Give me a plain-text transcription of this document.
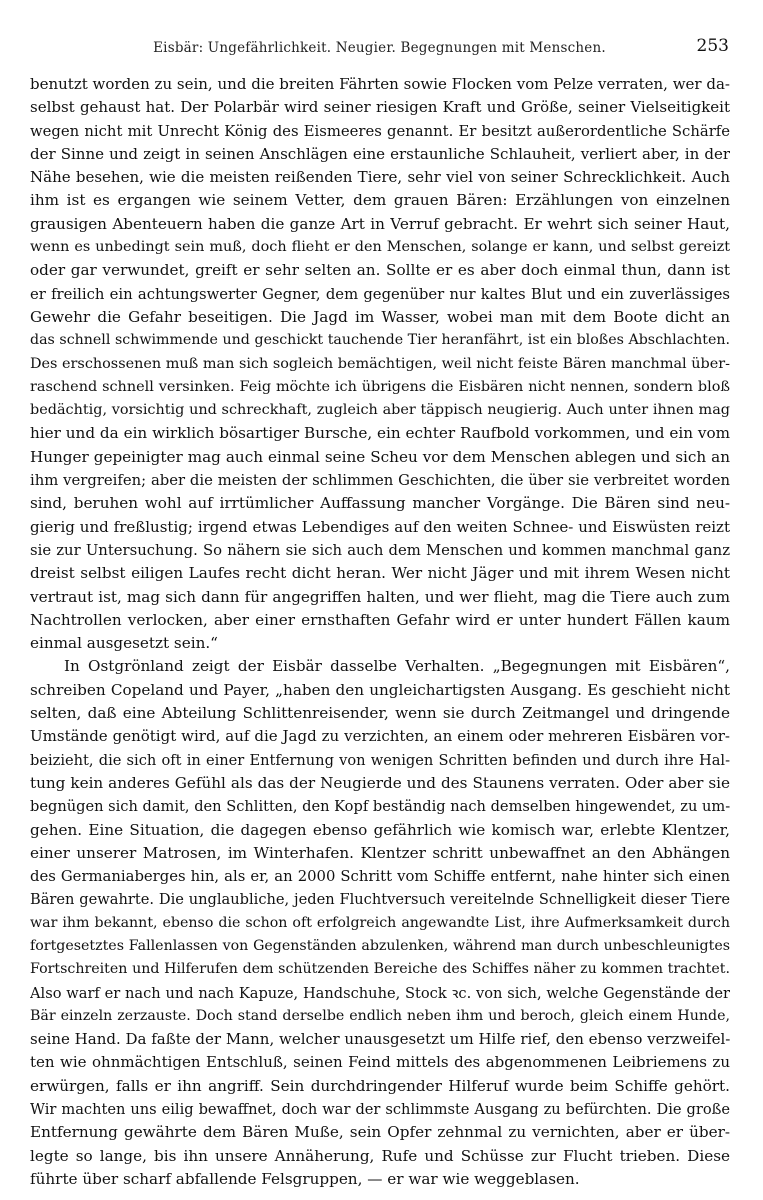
Eisbär: Ungefährlichkeit. Neugier. Begegnungen mit Menschen.	253
benutzt worden zu sein, und die breiten Fährten sowie Flocken vom Pelze verraten, wer da-
selbst gehaust hat. Der Polarbär wird seiner riesigen Kraft und Größe, seiner Vielseitigkeit
wegen nicht mit Unrecht König des Eismeeres genannt. Er besitzt außerordentliche Schärfe
der Sinne und zeigt in seinen Anschlägen eine erstaunliche Schlauheit, verliert aber, in der
Nähe besehen, wie die meisten reißenden Tiere, sehr viel von seiner Schrecklichkeit. Auch
ihm ist es ergangen wie seinem Vetter, dem grauen Bären: Erzählungen von einzelnen
grausigen Abenteuern haben die ganze Art in Verruf gebracht. Er wehrt sich seiner Haut,
wenn es unbedingt sein muß, doch flieht er den Menschen, solange er kann, und selbst gereizt
oder gar verwundet, greift er sehr selten an. Sollte er es aber doch einmal thun, dann ist
er freilich ein achtungswerter Gegner, dem gegenüber nur kaltes Blut und ein zuverlässiges
Gewehr die Gefahr beseitigen. Die Jagd im Wasser, wobei man mit dem Boote dicht an
das schnell schwimmende und geschickt tauchende Tier heranfährt, ist ein bloßes Abschlachten.
Des erschossenen muß man sich sogleich bemächtigen, weil nicht feiste Bären manchmal über-
raschend schnell versinken. Feig möchte ich übrigens die Eisbären nicht nennen, sondern bloß
bedächtig, vorsichtig und schreckhaft, zugleich aber täppisch neugierig. Auch unter ihnen mag
hier und da ein wirklich bösartiger Bursche, ein echter Raufbold vorkommen, und ein vom
Hunger gepeinigter mag auch einmal seine Scheu vor dem Menschen ablegen und sich an
ihm vergreifen; aber die meisten der schlimmen Geschichten, die über sie verbreitet worden
sind, beruhen wohl auf irrtümlicher Auffassung mancher Vorgänge. Die Bären sind neu-
gierig und freßlustig; irgend etwas Lebendiges auf den weiten Schnee- und Eiswüsten reizt
sie zur Untersuchung. So nähern sie sich auch dem Menschen und kommen manchmal ganz
dreist selbst eiligen Laufes recht dicht heran. Wer nicht Jäger und mit ihrem Wesen nicht
vertraut ist, mag sich dann für angegriffen halten, und wer flieht, mag die Tiere auch zum
Nachtrollen verlocken, aber einer ernsthaften Gefahr wird er unter hundert Fällen kaum
einmal ausgesetzt sein.“
In Ostgrönland zeigt der Eisbär dasselbe Verhalten. „Begegnungen mit Eisbären“,
schreiben Copeland und Payer, „haben den ungleichartigsten Ausgang. Es geschieht nicht
selten, daß eine Abteilung Schlittenreisender, wenn sie durch Zeitmangel und dringende
Umstände genötigt wird, auf die Jagd zu verzichten, an einem oder mehreren Eisbären vor-
beizieht, die sich oft in einer Entfernung von wenigen Schritten befinden und durch ihre Hal-
tung kein anderes Gefühl als das der Neugierde und des Staunens verraten. Oder aber sie
begnügen sich damit, den Schlitten, den Kopf beständig nach demselben hingewendet, zu um-
gehen. Eine Situation, die dagegen ebenso gefährlich wie komisch war, erlebte Klentzer,
einer unserer Matrosen, im Winterhafen. Klentzer schritt unbewaffnet an den Abhängen
des Germaniaberges hin, als er, an 2000 Schritt vom Schiffe entfernt, nahe hinter sich einen
Bären gewahrte. Die unglaubliche, jeden Fluchtversuch vereitelnde Schnelligkeit dieser Tiere
war ihm bekannt, ebenso die schon oft erfolgreich angewandte List, ihre Aufmerksamkeit durch
fortgesetztes Fallenlassen von Gegenständen abzulenken, während man durch unbeschleunigtes
Fortschreiten und Hilferufen dem schützenden Bereiche des Schiffes näher zu kommen trachtet.
Also warf er nach und nach Kapuze, Handschuhe, Stock ꝛc. von sich, welche Gegenstände der
Bär einzeln zerzauste. Doch stand derselbe endlich neben ihm und beroch, gleich einem Hunde,
seine Hand. Da faßte der Mann, welcher unausgesetzt um Hilfe rief, den ebenso verzweifel-
ten wie ohnmächtigen Entschluß, seinen Feind mittels des abgenommenen Leibriemens zu
erwürgen, falls er ihn angriff. Sein durchdringender Hilferuf wurde beim Schiffe gehört.
Wir machten uns eilig bewaffnet, doch war der schlimmste Ausgang zu befürchten. Die große
Entfernung gewährte dem Bären Muße, sein Opfer zehnmal zu vernichten, aber er über-
legte so lange, bis ihn unsere Annäherung, Rufe und Schüsse zur Flucht trieben. Diese
führte über scharf abfallende Felsgruppen, — er war wie weggeblasen.
